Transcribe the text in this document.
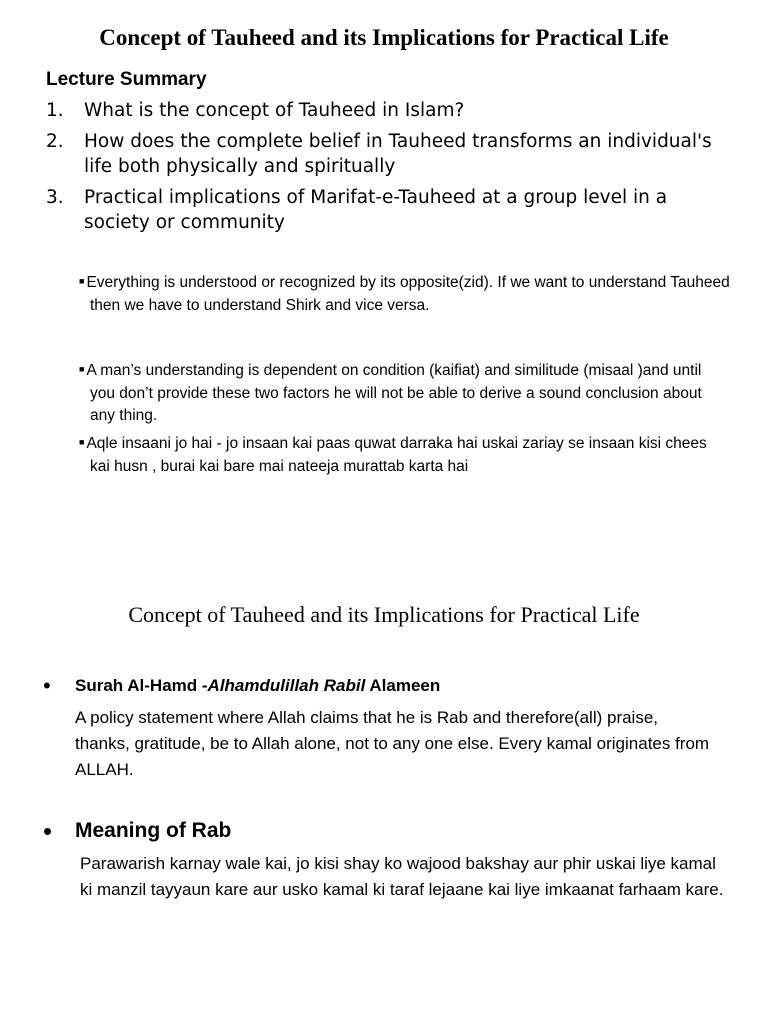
Concept of Tauheed and its Implications for Practical Life
Lecture Summary
1. What is the concept of Tauheed in Islam?
2. How does the complete belief in Tauheed transforms an individual's life both physically and spiritually
3. Practical implications of Marifat-e-Tauheed at a group level in a society or community
■ Everything is understood or recognized by its opposite(zid). If we want to understand Tauheed then we have to understand Shirk and vice versa.
■ A man’s understanding is dependent on condition (kaifiat) and similitude (misaal )and until you don’t provide these two factors he will not be able to derive a sound conclusion about any thing.
■ Aqle insaani jo hai - jo insaan kai paas quwat darraka hai uskai zariay se insaan kisi chees kai husn , burai kai bare mai nateeja murattab karta hai
Concept of Tauheed and its Implications for Practical Life
• Surah Al-Hamd -Alhamdulillah Rabil Alameen
A policy statement where Allah claims that he is Rab and therefore(all) praise, thanks, gratitude, be to Allah alone, not to any one else. Every kamal originates from ALLAH.
• Meaning of Rab
Parawarish karnay wale kai, jo kisi shay ko wajood bakshay aur phir uskai liye kamal ki manzil tayyaun kare aur usko kamal ki taraf lejaane kai liye imkaanat farhaam kare.
